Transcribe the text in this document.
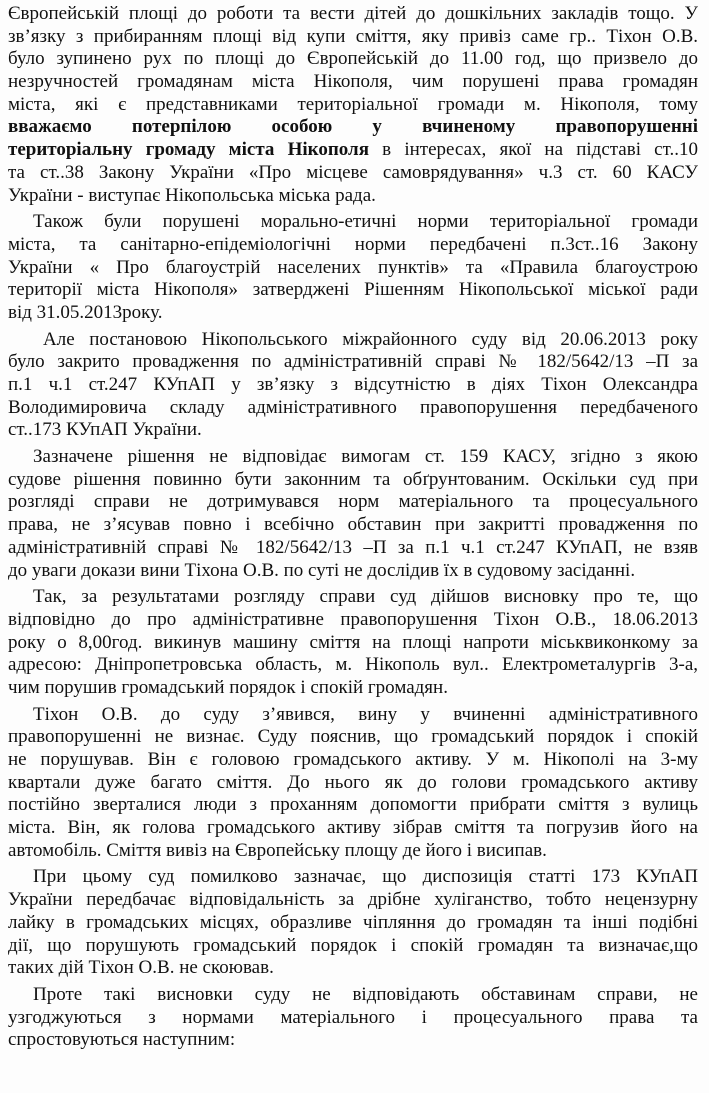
Європейській площі до роботи та вести дітей до дошкільних закладів тощо. У
зв’язку з прибиранням площі від купи сміття, яку привіз саме гр.. Тіхон О.В.
було зупинено рух по площі до Європейській до 11.00 год, що призвело до
незручностей громадянам міста Нікополя, чим порушені права громадян
міста, які є представниками територіальної громади м. Нікополя, тому
вважаємо потерпілою особою у вчиненому правопорушенні
територіальну громаду міста Нікополя в інтересах, якої на підставі ст..10
та ст..38 Закону України «Про місцеве самоврядування» ч.3 ст. 60 КАСУ
України - виступає Нікопольська міська рада.
Також були порушені морально-етичні норми територіальної громади
міста, та санітарно-епідеміологічні норми передбачені п.3ст..16 Закону
України « Про благоустрій населених пунктів» та «Правила благоустрою
території міста Нікополя» затверджені Рішенням Нікопольської міської ради
від 31.05.2013року.
Але постановою Нікопольського міжрайонного суду від 20.06.2013 року
було закрито провадження по адміністративній справі № 182/5642/13 –П за
п.1 ч.1 ст.247 КУпАП у зв’язку з відсутністю в діях Тіхон Олександра
Володимировича складу адміністративного правопорушення передбаченого
ст..173 КУпАП України.
Зазначене рішення не відповідає вимогам ст. 159 КАСУ, згідно з якою
судове рішення повинно бути законним та обґрунтованим. Оскільки суд при
розгляді справи не дотримувався норм матеріального та процесуального
права, не з’ясував повно і всебічно обставин при закритті провадження по
адміністративній справі № 182/5642/13 –П за п.1 ч.1 ст.247 КУпАП, не взяв
до уваги докази вини Тіхона О.В. по суті не дослідив їх в судовому засіданні.
Так, за результатами розгляду справи суд дійшов висновку про те, що
відповідно до про адміністративне правопорушення Тіхон О.В., 18.06.2013
року о 8,00год. викинув машину сміття на площі напроти міськвиконкому за
адресою: Дніпропетровська область, м. Нікополь вул.. Електрометалургів 3-а,
чим порушив громадський порядок і спокій громадян.
Тіхон О.В. до суду з’явився, вину у вчиненні адміністративного
правопорушенні не визнає. Суду пояснив, що громадський порядок і спокій
не порушував. Він є головою громадського активу. У м. Нікополі на 3-му
квартали дуже багато сміття. До нього як до голови громадського активу
постійно зверталися люди з проханням допомогти прибрати сміття з вулиць
міста. Він, як голова громадського активу зібрав сміття та погрузив його на
автомобіль. Сміття вивіз на Європейську площу де його і висипав.
При цьому суд помилково зазначає, що диспозиція статті 173 КУпАП
України передбачає відповідальність за дрібне хуліганство, тобто нецензурну
лайку в громадських місцях, образливе чіпляння до громадян та інші подібні
дії, що порушують громадський порядок і спокій громадян та визначає,що
таких дій Тіхон О.В. не скоював.
Проте такі висновки суду не відповідають обставинам справи, не
узгоджуються з нормами матеріального і процесуального права та
спростовуються наступним:
